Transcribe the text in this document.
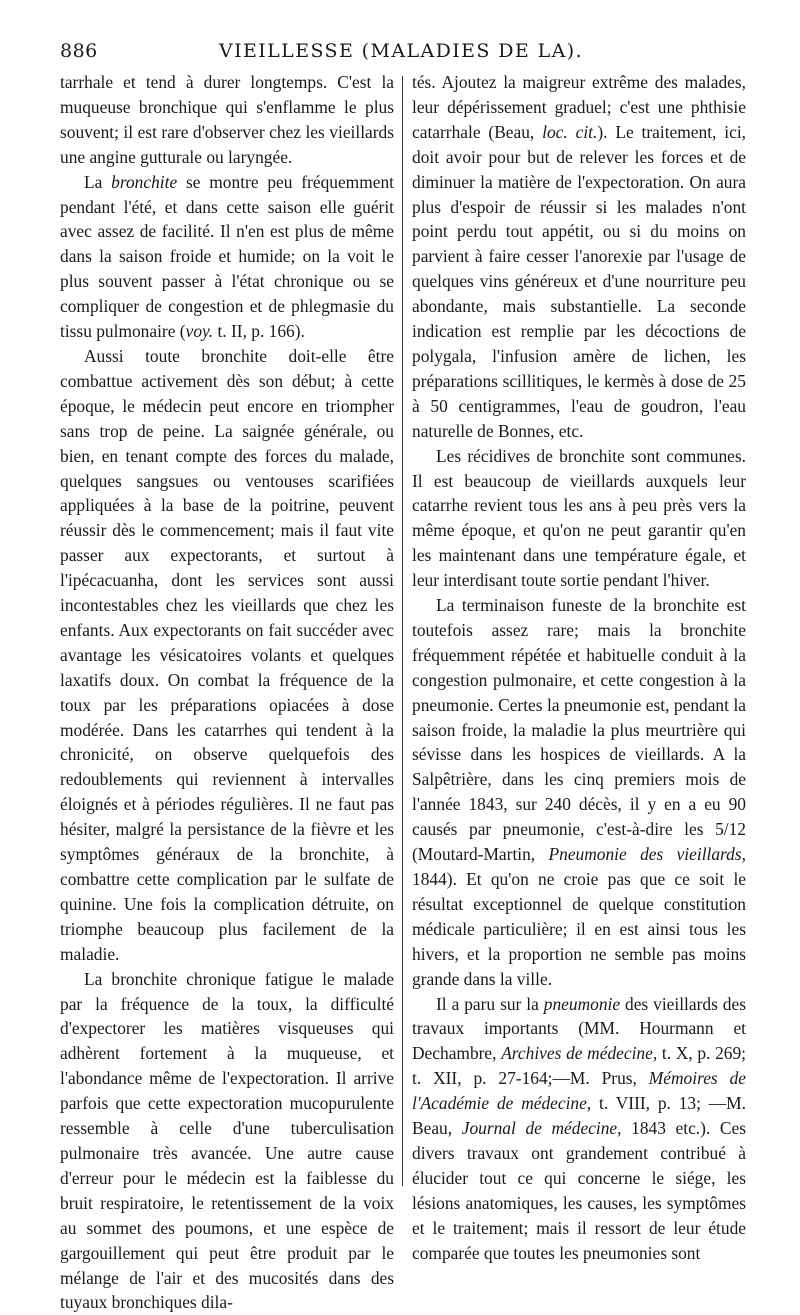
886	VIEILLESSE (MALADIES DE LA).

tarrhale et tend à durer longtemps. C'est la muqueuse bronchique qui s'enflamme le plus souvent; il est rare d'observer chez les vieillards une angine gutturale ou laryngée.

La bronchite se montre peu fréquemment pendant l'été, et dans cette saison elle guérit avec assez de facilité. Il n'en est plus de même dans la saison froide et humide; on la voit le plus souvent passer à l'état chronique ou se compliquer de congestion et de phlegmasie du tissu pulmonaire (voy. t. II, p. 166).

Aussi toute bronchite doit-elle être combattue activement dès son début; à cette époque, le médecin peut encore en triompher sans trop de peine. La saignée générale, ou bien, en tenant compte des forces du malade, quelques sangsues ou ventouses scarifiées appliquées à la base de la poitrine, peuvent réussir dès le commencement; mais il faut vite passer aux expectorants, et surtout à l'ipécacuanha, dont les services sont aussi incontestables chez les vieillards que chez les enfants. Aux expectorants on fait succéder avec avantage les vésicatoires volants et quelques laxatifs doux. On combat la fréquence de la toux par les préparations opiacées à dose modérée. Dans les catarrhes qui tendent à la chronicité, on observe quelquefois des redoublements qui reviennent à intervalles éloignés et à périodes régulières. Il ne faut pas hésiter, malgré la persistance de la fièvre et les symptômes généraux de la bronchite, à combattre cette complication par le sulfate de quinine. Une fois la complication détruite, on triomphe beaucoup plus facilement de la maladie.

La bronchite chronique fatigue le malade par la fréquence de la toux, la difficulté d'expectorer les matières visqueuses qui adhèrent fortement à la muqueuse, et l'abondance même de l'expectoration. Il arrive parfois que cette expectoration mucopurulente ressemble à celle d'une tuberculisation pulmonaire très avancée. Une autre cause d'erreur pour le médecin est la faiblesse du bruit respiratoire, le retentissement de la voix au sommet des poumons, et une espèce de gargouillement qui peut être produit par le mélange de l'air et des mucosités dans des tuyaux bronchiques dila-

tés. Ajoutez la maigreur extrême des malades, leur dépérissement graduel; c'est une phthisie catarrhale (Beau, loc. cit.). Le traitement, ici, doit avoir pour but de relever les forces et de diminuer la matière de l'expectoration. On aura plus d'espoir de réussir si les malades n'ont point perdu tout appétit, ou si du moins on parvient à faire cesser l'anorexie par l'usage de quelques vins généreux et d'une nourriture peu abondante, mais substantielle. La seconde indication est remplie par les décoctions de polygala, l'infusion amère de lichen, les préparations scillitiques, le kermès à dose de 25 à 50 centigrammes, l'eau de goudron, l'eau naturelle de Bonnes, etc.

Les récidives de bronchite sont communes. Il est beaucoup de vieillards auxquels leur catarrhe revient tous les ans à peu près vers la même époque, et qu'on ne peut garantir qu'en les maintenant dans une température égale, et leur interdisant toute sortie pendant l'hiver.

La terminaison funeste de la bronchite est toutefois assez rare; mais la bronchite fréquemment répétée et habituelle conduit à la congestion pulmonaire, et cette congestion à la pneumonie. Certes la pneumonie est, pendant la saison froide, la maladie la plus meurtrière qui sévisse dans les hospices de vieillards. A la Salpêtrière, dans les cinq premiers mois de l'année 1843, sur 240 décès, il y en a eu 90 causés par pneumonie, c'est-à-dire les 5/12 (Moutard-Martin, Pneumonie des vieillards, 1844). Et qu'on ne croie pas que ce soit le résultat exceptionnel de quelque constitution médicale particulière; il en est ainsi tous les hivers, et la proportion ne semble pas moins grande dans la ville.

Il a paru sur la pneumonie des vieillards des travaux importants (MM. Hourmann et Dechambre, Archives de médecine, t. X, p. 269; t. XII, p. 27-164;—M. Prus, Mémoires de l'Académie de médecine, t. VIII, p. 13; —M. Beau, Journal de médecine, 1843 etc.). Ces divers travaux ont grandement contribué à élucider tout ce qui concerne le siége, les lésions anatomiques, les causes, les symptômes et le traitement; mais il ressort de leur étude comparée que toutes les pneumonies sont
